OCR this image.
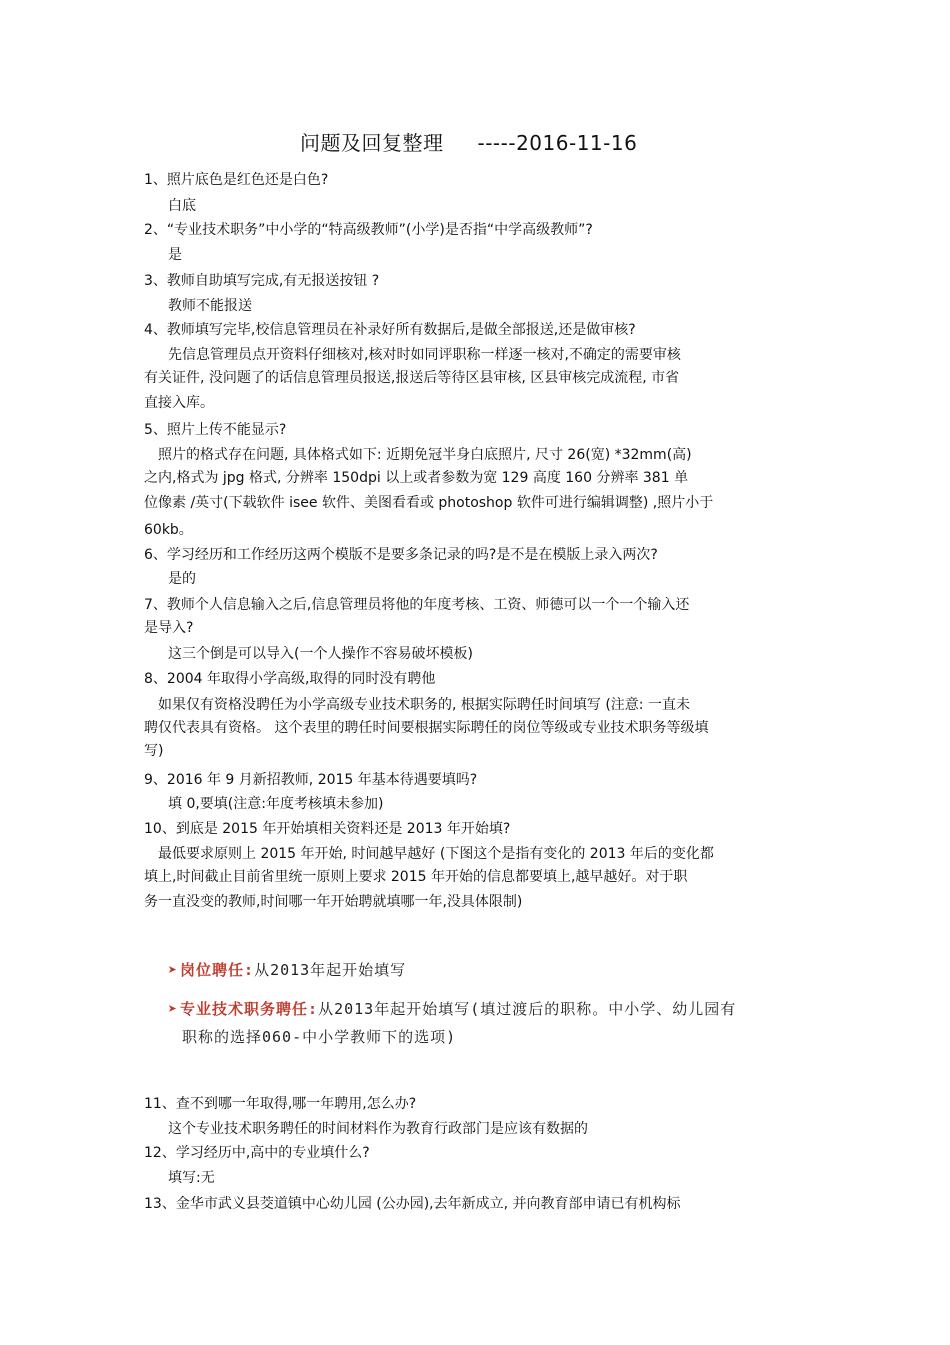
问题及回复整理 -----2016-11-16
1、照片底色是红色还是白色?
白底
2、“专业技术职务”中小学的“特高级教师”(小学)是否指“中学高级教师”?
是
3、教师自助填写完成,有无报送按钮 ?
教师不能报送
4、教师填写完毕,校信息管理员在补录好所有数据后,是做全部报送,还是做审核?
先信息管理员点开资料仔细核对,核对时如同评职称一样逐一核对,不确定的需要审核
有关证件, 没问题了的话信息管理员报送,报送后等待区县审核, 区县审核完成流程, 市省
直接入库。
5、照片上传不能显示?
照片的格式存在问题, 具体格式如下: 近期免冠半身白底照片, 尺寸 26(宽) *32mm(高)
之内,格式为 jpg 格式, 分辨率 150dpi 以上或者参数为宽 129 高度 160 分辨率 381 单
位像素 /英寸(下载软件 isee 软件、美图看看或 photoshop 软件可进行编辑调整) ,照片小于
60kb。
6、学习经历和工作经历这两个模版不是要多条记录的吗?是不是在模版上录入两次?
是的
7、教师个人信息输入之后,信息管理员将他的年度考核、工资、师德可以一个一个输入还
是导入?
这三个倒是可以导入(一个人操作不容易破坏模板)
8、2004 年取得小学高级,取得的同时没有聘他
如果仅有资格没聘任为小学高级专业技术职务的, 根据实际聘任时间填写 (注意: 一直未
聘仅代表具有资格。 这个表里的聘任时间要根据实际聘任的岗位等级或专业技术职务等级填
写)
9、2016 年 9 月新招教师, 2015 年基本待遇要填吗?
填 0,要填(注意:年度考核填未参加)
10、到底是 2015 年开始填相关资料还是 2013 年开始填?
最低要求原则上 2015 年开始, 时间越早越好 (下图这个是指有变化的 2013 年后的变化都
填上,时间截止目前省里统一原则上要求 2015 年开始的信息都要填上,越早越好。对于职
务一直没变的教师,时间哪一年开始聘就填哪一年,没具体限制)
➤ 岗位聘任:从2013年起开始填写
➤ 专业技术职务聘任:从2013年起开始填写(填过渡后的职称。中小学、幼儿园有
职称的选择060-中小学教师下的选项)
11、查不到哪一年取得,哪一年聘用,怎么办?
这个专业技术职务聘任的时间材料作为教育行政部门是应该有数据的
12、学习经历中,高中的专业填什么?
填写:无
13、金华市武义县茭道镇中心幼儿园 (公办园),去年新成立, 并向教育部申请已有机构标
